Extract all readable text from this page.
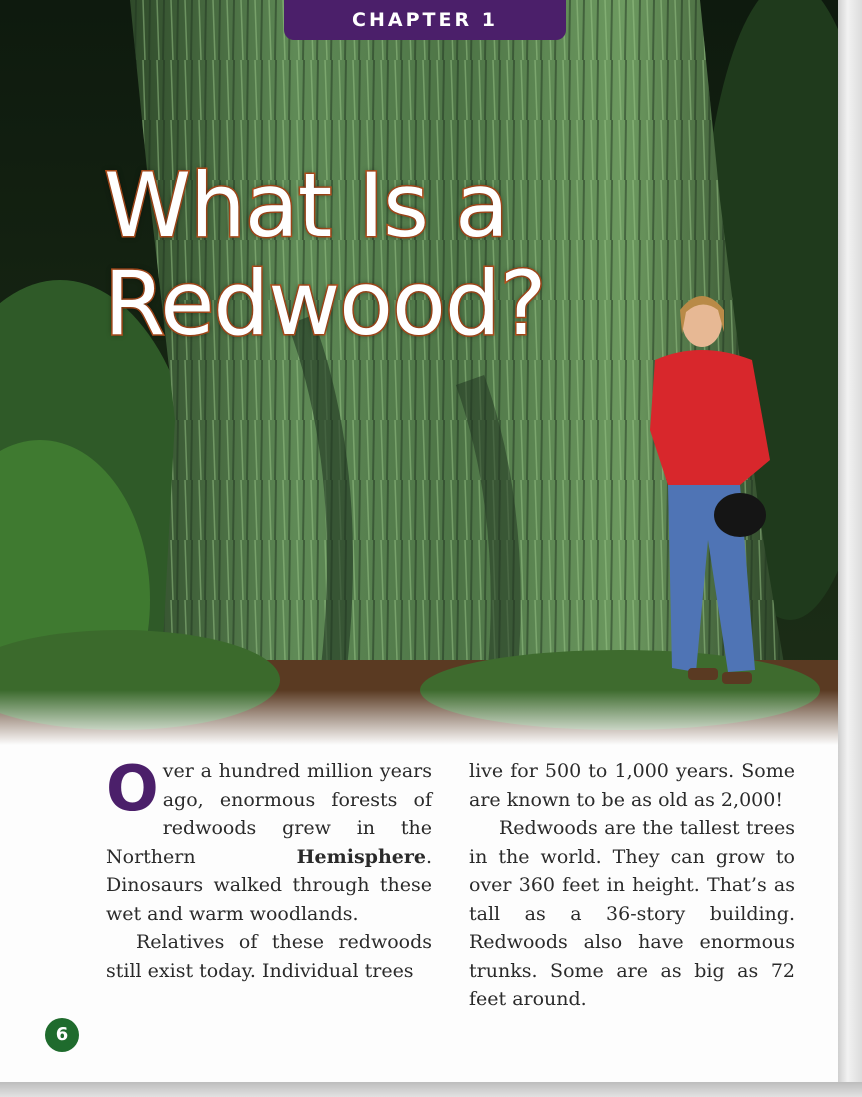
CHAPTER 1
What Is a
Redwood?

Over a hundred million years ago, enormous forests of redwoods grew in the Northern Hemisphere. Dinosaurs walked through these wet and warm woodlands.

Relatives of these redwoods still exist today. Individual trees

live for 500 to 1,000 years. Some are known to be as old as 2,000!

Redwoods are the tallest trees in the world. They can grow to over 360 feet in height. That’s as tall as a 36-story building. Redwoods also have enormous trunks. Some are as big as 72 feet around.

6
